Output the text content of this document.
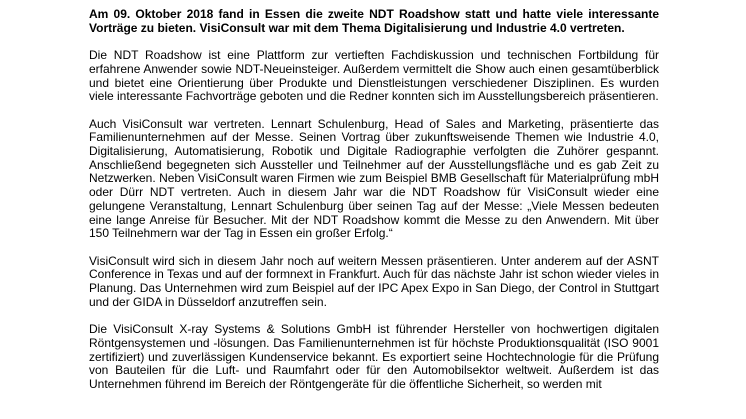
Am 09. Oktober 2018 fand in Essen die zweite NDT Roadshow statt und hatte viele interessante Vorträge zu bieten. VisiConsult war mit dem Thema Digitalisierung und Industrie 4.0 vertreten.

Die NDT Roadshow ist eine Plattform zur vertieften Fachdiskussion und technischen Fortbildung für erfahrene Anwender sowie NDT-Neueinsteiger. Außerdem vermittelt die Show auch einen gesamtüberblick und bietet eine Orientierung über Produkte und Dienstleistungen verschiedener Disziplinen. Es wurden viele interessante Fachvorträge geboten und die Redner konnten sich im Ausstellungsbereich präsentieren.

Auch VisiConsult war vertreten. Lennart Schulenburg, Head of Sales and Marketing, präsentierte das Familienunternehmen auf der Messe. Seinen Vortrag über zukunftsweisende Themen wie Industrie 4.0, Digitalisierung, Automatisierung, Robotik und Digitale Radiographie verfolgten die Zuhörer gespannt. Anschließend begegneten sich Aussteller und Teilnehmer auf der Ausstellungsfläche und es gab Zeit zu Netzwerken. Neben VisiConsult waren Firmen wie zum Beispiel BMB Gesellschaft für Materialprüfung mbH oder Dürr NDT vertreten. Auch in diesem Jahr war die NDT Roadshow für VisiConsult wieder eine gelungene Veranstaltung, Lennart Schulenburg über seinen Tag auf der Messe: „Viele Messen bedeuten eine lange Anreise für Besucher. Mit der NDT Roadshow kommt die Messe zu den Anwendern. Mit über 150 Teilnehmern war der Tag in Essen ein großer Erfolg.“

VisiConsult wird sich in diesem Jahr noch auf weitern Messen präsentieren. Unter anderem auf der ASNT Conference in Texas und auf der formnext in Frankfurt. Auch für das nächste Jahr ist schon wieder vieles in Planung. Das Unternehmen wird zum Beispiel auf der IPC Apex Expo in San Diego, der Control in Stuttgart und der GIDA in Düsseldorf anzutreffen sein.

Die VisiConsult X-ray Systems & Solutions GmbH ist führender Hersteller von hochwertigen digitalen Röntgensystemen und -lösungen. Das Familienunternehmen ist für höchste Produktionsqualität (ISO 9001 zertifiziert) und zuverlässigen Kundenservice bekannt. Es exportiert seine Hochtechnologie für die Prüfung von Bauteilen für die Luft- und Raumfahrt oder für den Automobilsektor weltweit. Außerdem ist das Unternehmen führend im Bereich der Röntgengeräte für die öffentliche Sicherheit, so werden mit
